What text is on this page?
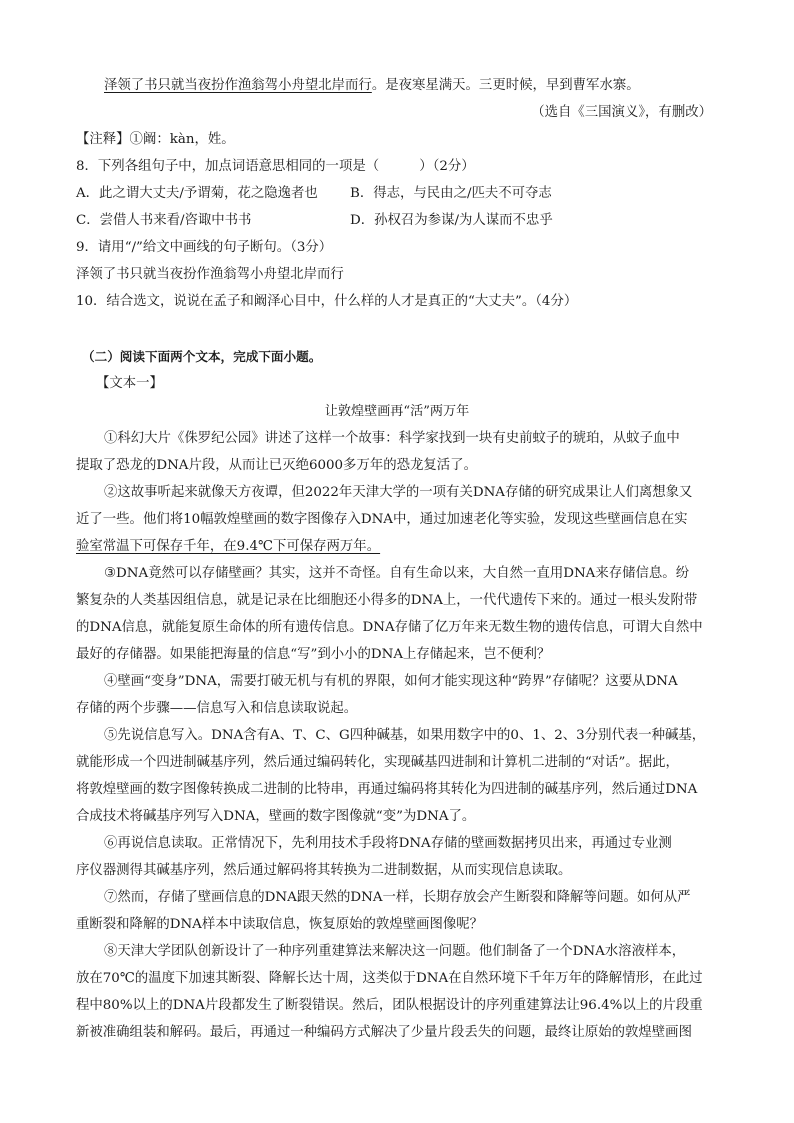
泽领了书只就当夜扮作渔翁驾小舟望北岸而行。是夜寒星满天。三更时候，早到曹军水寨。
（选自《三国演义》，有删改）
【注释】①阚：kàn，姓。
8．下列各组句子中，加点词语意思相同的一项是（　　　）（2分）
A．此之谓大丈夫/予谓菊，花之隐逸者也 B．得志，与民由之/匹夫不可夺志
C．尝借人书来看/咨诹中书书	D．孙权召为参谋/为人谋而不忠乎
9．请用“/”给文中画线的句子断句。（3分）
泽领了书只就当夜扮作渔翁驾小舟望北岸而行
10．结合选文，说说在孟子和阚泽心目中，什么样的人才是真正的“大丈夫”。（4分）
（二）阅读下面两个文本，完成下面小题。
【文本一】
让敦煌壁画再“活”两万年
①科幻大片《侏罗纪公园》讲述了这样一个故事：科学家找到一块有史前蚊子的琥珀，从蚊子血中
提取了恐龙的DNA片段，从而让已灭绝6000多万年的恐龙复活了。
②这故事听起来就像天方夜谭，但2022年天津大学的一项有关DNA存储的研究成果让人们离想象又
近了一些。他们将10幅敦煌壁画的数字图像存入DNA中，通过加速老化等实验，发现这些壁画信息在实
验室常温下可保存千年，在9.4℃下可保存两万年。
③DNA竟然可以存储壁画？其实，这并不奇怪。自有生命以来，大自然一直用DNA来存储信息。纷
繁复杂的人类基因组信息，就是记录在比细胞还小得多的DNA上，一代代遗传下来的。通过一根头发附带
的DNA信息，就能复原生命体的所有遗传信息。DNA存储了亿万年来无数生物的遗传信息，可谓大自然中
最好的存储器。如果能把海量的信息“写”到小小的DNA上存储起来，岂不便利？
④壁画“变身”DNA，需要打破无机与有机的界限，如何才能实现这种“跨界”存储呢？这要从DNA
存储的两个步骤——信息写入和信息读取说起。
⑤先说信息写入。DNA含有A、T、C、G四种碱基，如果用数字中的0、1、2、3分别代表一种碱基，
就能形成一个四进制碱基序列，然后通过编码转化，实现碱基四进制和计算机二进制的“对话”。据此，
将敦煌壁画的数字图像转换成二进制的比特串，再通过编码将其转化为四进制的碱基序列，然后通过DNA
合成技术将碱基序列写入DNA，壁画的数字图像就“变”为DNA了。
⑥再说信息读取。正常情况下，先利用技术手段将DNA存储的壁画数据拷贝出来，再通过专业测
序仪器测得其碱基序列，然后通过解码将其转换为二进制数据，从而实现信息读取。
⑦然而，存储了壁画信息的DNA跟天然的DNA一样，长期存放会产生断裂和降解等问题。如何从严
重断裂和降解的DNA样本中读取信息，恢复原始的敦煌壁画图像呢？
⑧天津大学团队创新设计了一种序列重建算法来解决这一问题。他们制备了一个DNA水溶液样本，
放在70℃的温度下加速其断裂、降解长达十周，这类似于DNA在自然环境下千年万年的降解情形，在此过
程中80%以上的DNA片段都发生了断裂错误。然后，团队根据设计的序列重建算法让96.4%以上的片段重
新被准确组装和解码。最后，再通过一种编码方式解决了少量片段丢失的问题，最终让原始的敦煌壁画图
